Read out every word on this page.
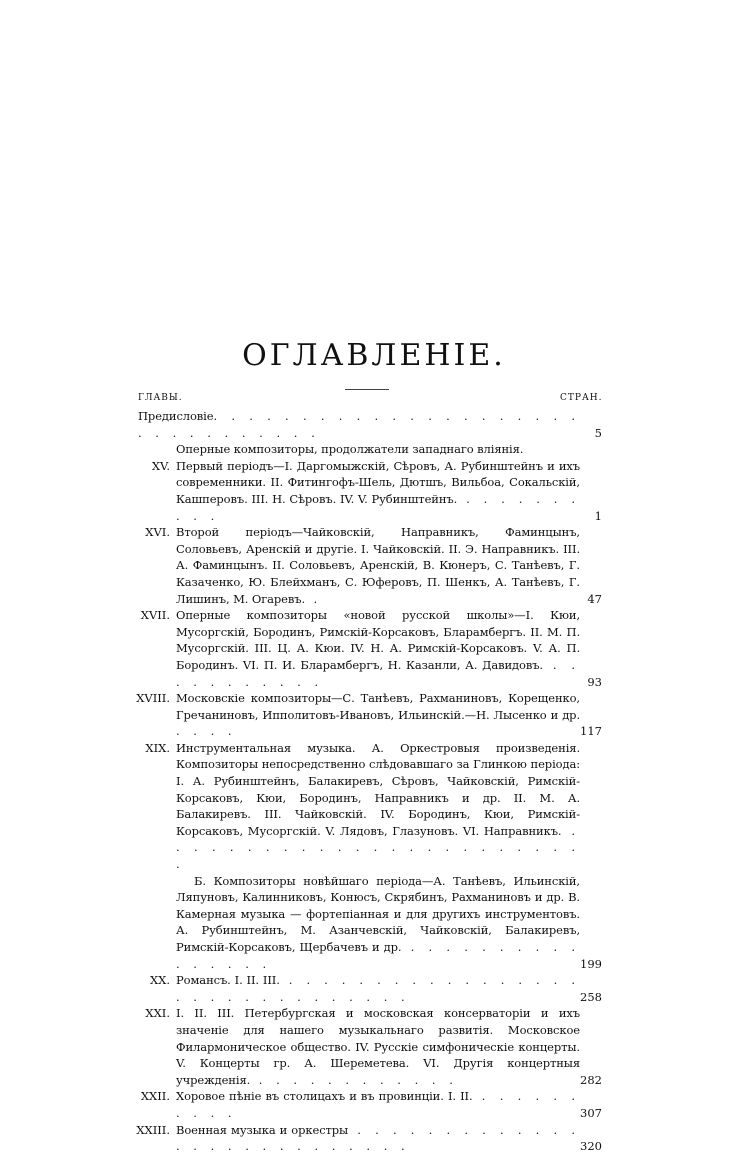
ОГЛАВЛЕНІЕ.
ГЛАВЫ.	СТРАН.
Предисловіе. . . . . . . . . . . . . . . . . . . . . . . . . . . . . . . .	5
Оперные композиторы, продолжатели западнаго вліянія.
XV. Первый періодъ—I. Даргомыжскій, Сѣровъ, А. Рубинштейнъ и ихъ современники. II. Фитингофъ-Шель, Дютшъ, Вильбоа, Сокальскій, Кашперовъ. III. Н. Сѣровъ. IV. V. Рубинштейнъ. . . . . . . . . . .	1
XVI. Второй періодъ—Чайковскій, Направникъ, Фаминцынъ, Соловьевъ, Аренскій и другіе. I. Чайковскій. II. Э. Направникъ. III. А. Фаминцынъ. II. Соловьевъ, Аренскій, В. Кюнеръ, С. Танѣевъ, Г. Казаченко, Ю. Блейхманъ, С. Юферовъ, П. Шенкъ, А. Танѣевъ, Г. Лишинъ, М. Огаревъ. .	47
XVII. Оперные композиторы «новой русской школы»—I. Кюи, Мусоргскій, Бородинъ, Римскій-Корсаковъ, Бларамбергъ. II. М. П. Мусоргскій. III. Ц. А. Кюи. IV. Н. А. Римскій-Корсаковъ. V. А. П. Бородинъ. VI. П. И. Бларамбергъ, Н. Казанли, А. Давидовъ. . . . . . . . . . . .	93
XVIII. Московскіе композиторы—С. Танѣевъ, Рахманиновъ, Корещенко, Гречаниновъ, Ипполитовъ-Ивановъ, Ильинскій.—Н. Лысенко и др. . . . .	117
XIX. Инструментальная музыка. А. Оркестровыя произведенія. Композиторы непосредственно слѣдовавшаго за Глинкою періода: I. А. Рубинштейнъ, Балакиревъ, Сѣровъ, Чайковскій, Римскій-Корсаковъ, Кюи, Бородинъ, Направникъ и др. II. М. А. Балакиревъ. III. Чайковскій. IV. Бородинъ, Кюи, Римскій-Корсаковъ, Мусоргскій. V. Лядовъ, Глазуновъ. VI. Направникъ. . . . . . . . . . . . . . . . . . . . . . . . . .
Б. Композиторы новѣйшаго періода—А. Танѣевъ, Ильинскій, Ляпуновъ, Калинниковъ, Конюсъ, Скрябинъ, Рахманиновъ и др. В. Камерная музыка — фортепіанная и для другихъ инструментовъ. А. Рубинштейнъ, М. Азанчевскій, Чайковскій, Балакиревъ, Римскій-Корсаковъ, Щербачевъ и др. . . . . . . . . . . . . . . . .	199
XX. Романсъ. I. II. III. . . . . . . . . . . . . . . . . . . . . . . . . . . . . . . .	258
XXI. I. II. III. Петербургская и московская консерваторіи и ихъ значеніе для нашего музыкальнаго развитія. Московское Филармоническое общество. IV. Русскіе симфоническіе концерты. V. Концерты гр. А. Шереметева. VI. Другія концертныя учрежденія. . . . . . . . . . . . .	282
XXII. Хоровое пѣніе въ столицахъ и въ провинціи. I. II. . . . . . . . . . .	307
XXIII. Военная музыка и оркестры . . . . . . . . . . . . . . . . . . . . . . . . . . .	320
